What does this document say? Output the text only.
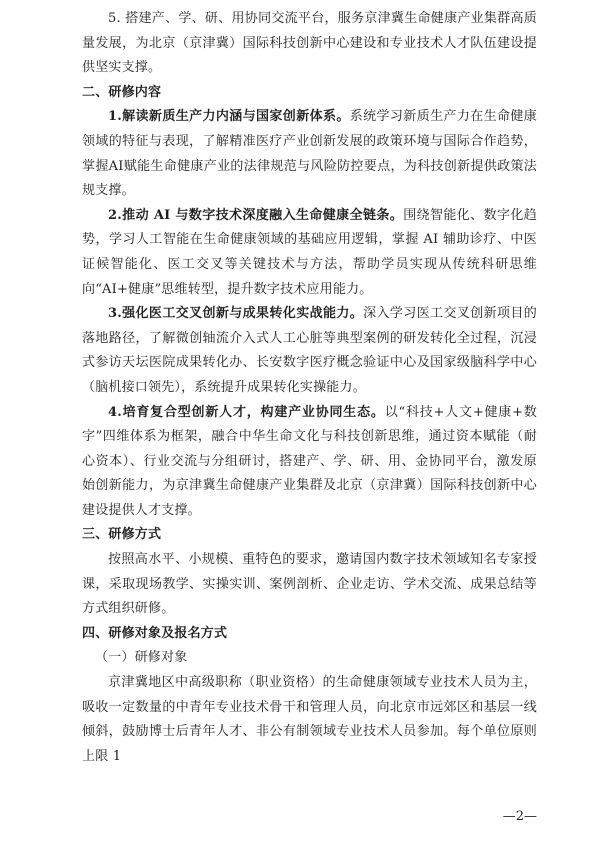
5. 搭建产、学、研、用协同交流平台，服务京津冀生命健康产业集群高质量发展，为北京（京津冀）国际科技创新中心建设和专业技术人才队伍建设提供坚实支撑。

二、研修内容

1.解读新质生产力内涵与国家创新体系。系统学习新质生产力在生命健康领域的特征与表现，了解精准医疗产业创新发展的政策环境与国际合作趋势，掌握AI赋能生命健康产业的法律规范与风险防控要点，为科技创新提供政策法规支撑。

2.推动 AI 与数字技术深度融入生命健康全链条。围绕智能化、数字化趋势，学习人工智能在生命健康领域的基础应用逻辑，掌握 AI 辅助诊疗、中医证候智能化、医工交叉等关键技术与方法，帮助学员实现从传统科研思维向“AI+健康”思维转型，提升数字技术应用能力。

3.强化医工交叉创新与成果转化实战能力。深入学习医工交叉创新项目的落地路径，了解微创轴流介入式人工心脏等典型案例的研发转化全过程，沉浸式参访天坛医院成果转化办、长安数字医疗概念验证中心及国家级脑科学中心（脑机接口领先），系统提升成果转化实操能力。

4.培育复合型创新人才，构建产业协同生态。以“科技+人文+健康+数字”四维体系为框架，融合中华生命文化与科技创新思维，通过资本赋能（耐心资本）、行业交流与分组研讨，搭建产、学、研、用、金协同平台，激发原始创新能力，为京津冀生命健康产业集群及北京（京津冀）国际科技创新中心建设提供人才支撑。

三、研修方式

按照高水平、小规模、重特色的要求，邀请国内数字技术领域知名专家授课，采取现场教学、实操实训、案例剖析、企业走访、学术交流、成果总结等方式组织研修。

四、研修对象及报名方式

（一）研修对象

京津冀地区中高级职称（职业资格）的生命健康领域专业技术人员为主，吸收一定数量的中青年专业技术骨干和管理人员，向北京市远郊区和基层一线倾斜，鼓励博士后青年人才、非公有制领域专业技术人员参加。每个单位原则上限 1

—2—
